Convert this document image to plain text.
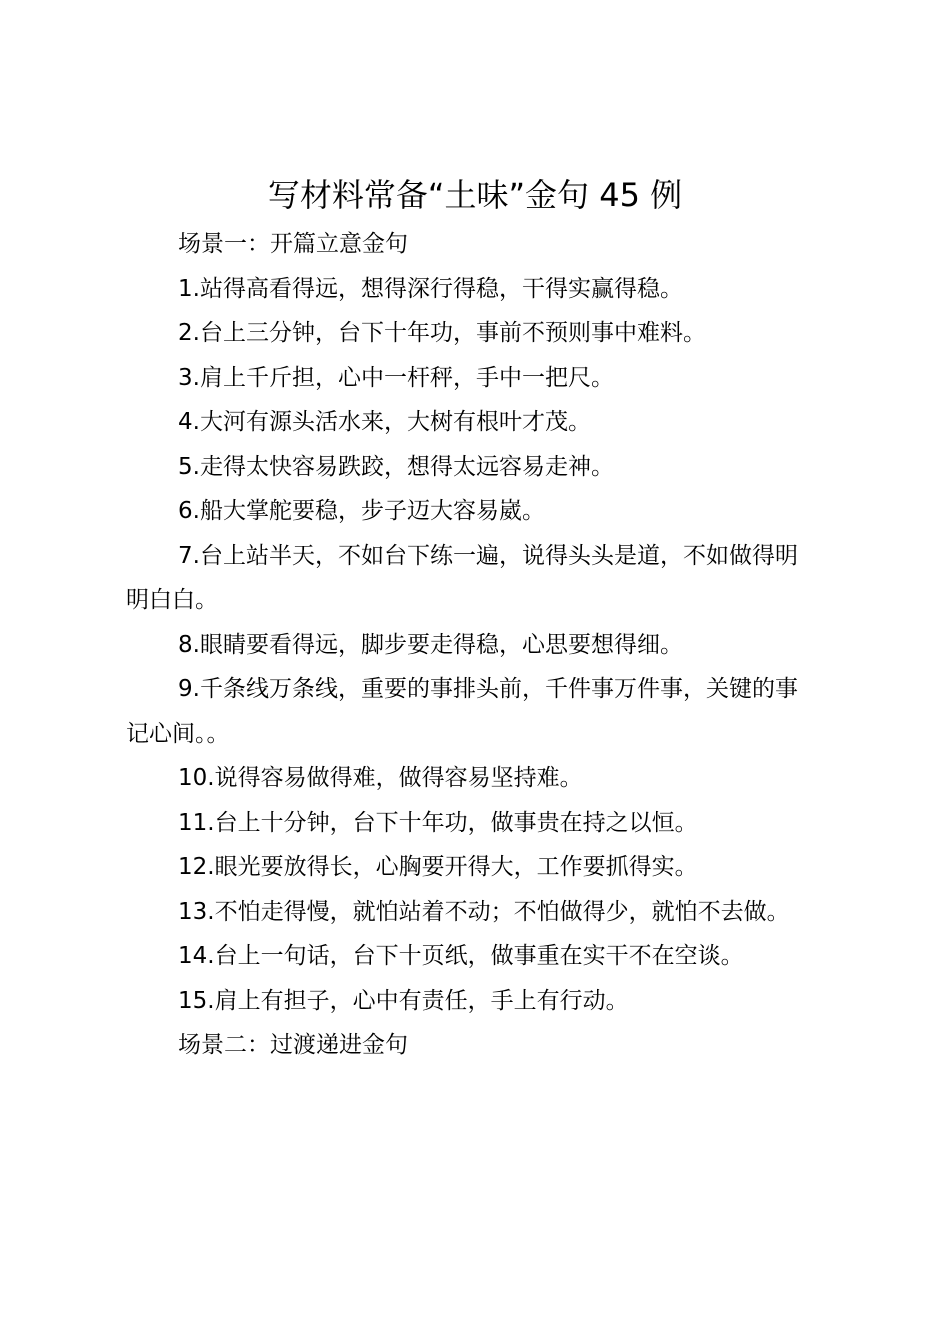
写材料常备“土味”金句 45 例

场景一：开篇立意金句

1.站得高看得远，想得深行得稳，干得实赢得稳。

2.台上三分钟，台下十年功，事前不预则事中难料。

3.肩上千斤担，心中一杆秤，手中一把尺。

4.大河有源头活水来，大树有根叶才茂。

5.走得太快容易跌跤，想得太远容易走神。

6.船大掌舵要稳，步子迈大容易崴。

7.台上站半天，不如台下练一遍，说得头头是道，不如做得明明白白。

8.眼睛要看得远，脚步要走得稳，心思要想得细。

9.千条线万条线，重要的事排头前，千件事万件事，关键的事记心间。。

10.说得容易做得难，做得容易坚持难。

11.台上十分钟，台下十年功，做事贵在持之以恒。

12.眼光要放得长，心胸要开得大，工作要抓得实。

13.不怕走得慢，就怕站着不动；不怕做得少，就怕不去做。

14.台上一句话，台下十页纸，做事重在实干不在空谈。

15.肩上有担子，心中有责任，手上有行动。

场景二：过渡递进金句
